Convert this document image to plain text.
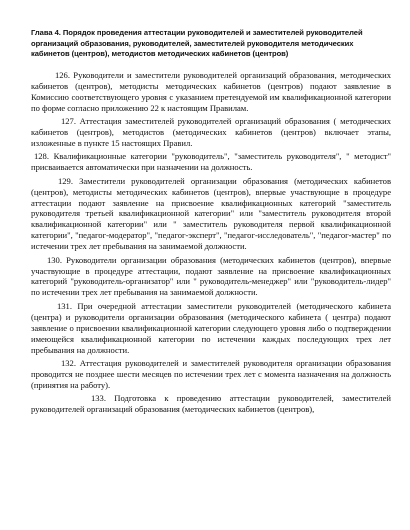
Глава 4. Порядок проведения аттестации руководителей и заместителей руководителей организаций образования, руководителей, заместителей руководителя методических кабинетов (центров), методистов методических кабинетов (центров)

126. Руководители и заместители руководителей организаций образования, методических кабинетов (центров), методисты методических кабинетов (центров) подают заявление в Комиссию соответствующего уровня с указанием претендуемой им квалификационной категории по форме согласно приложению 22 к настоящим Правилам.

127. Аттестация заместителей руководителей организаций образования ( методических кабинетов (центров), методистов (методических кабинетов (центров) включает этапы, изложенные в пункте 15 настоящих Правил.

128. Квалификационные категории "руководитель", "заместитель руководителя", " методист" присваивается автоматически при назначении на должность.

129. Заместители руководителей организации образования (методических кабинетов (центров), методисты методических кабинетов (центров), впервые участвующие в процедуре аттестации подают заявление на присвоение квалификационных категорий "заместитель руководителя третьей квалификационной категории" или "заместитель руководителя второй квалификационной категории" или " заместитель руководителя первой квалификационной категории", "педагог-модератор", "педагог-эксперт", "педагог-исследователь", "педагог-мастер" по истечении трех лет пребывания на занимаемой должности.

130. Руководители организации образования (методических кабинетов (центров), впервые участвующие в процедуре аттестации, подают заявление на присвоение квалификационных категорий "руководитель-организатор" или " руководитель-менеджер" или "руководитель-лидер" по истечении трех лет пребывания на занимаемой должности.

131. При очередной аттестации заместители руководителей (методического кабинета (центра) и руководители организации образования (методического кабинета ( центра) подают заявление о присвоении квалификационной категории следующего уровня либо о подтверждении имеющейся квалификационной категории по истечении каждых последующих трех лет пребывания на должности.

132. Аттестация руководителей и заместителей руководителя организации образования проводится не позднее шести месяцев по истечении трех лет с момента назначения на должность (принятия на работу).

133. Подготовка к проведению аттестации руководителей, заместителей руководителей организаций образования (методических кабинетов (центров),
